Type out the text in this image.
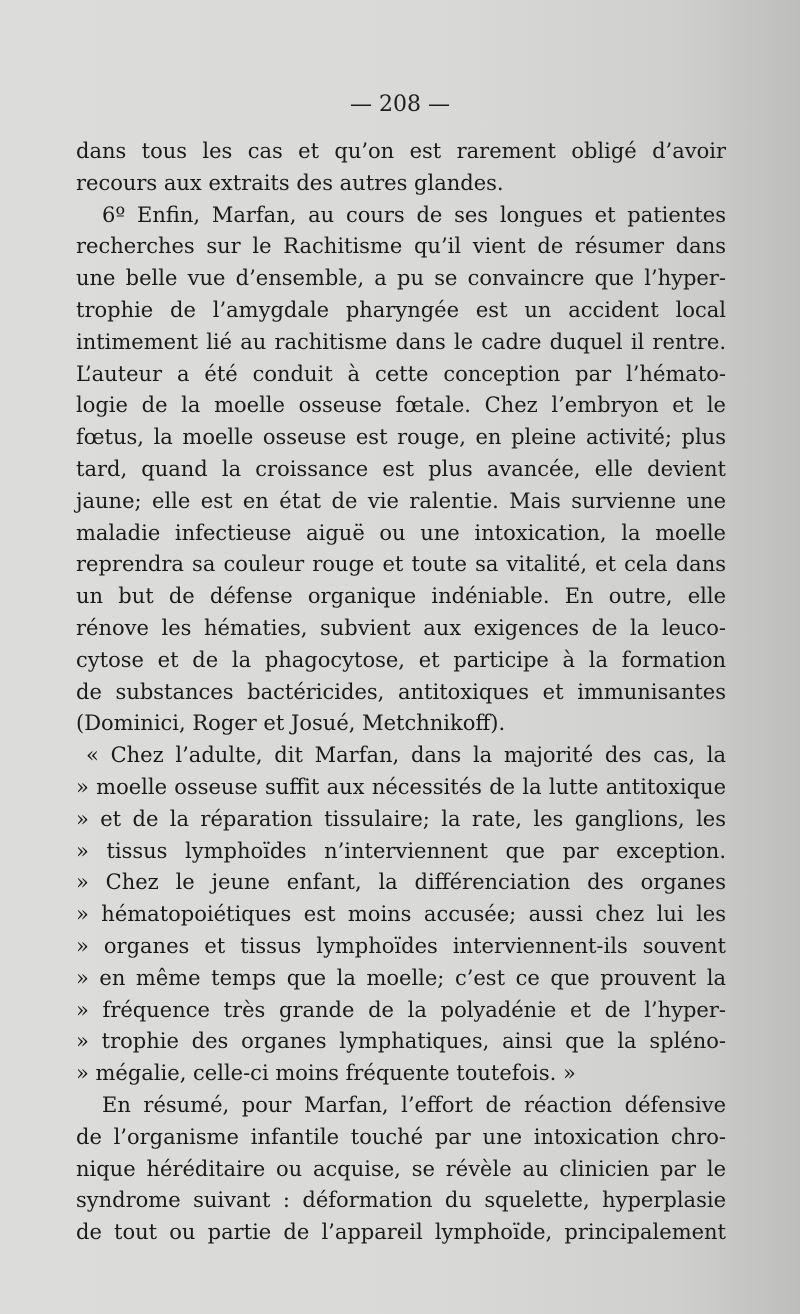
— 208 —
dans tous les cas et qu’on est rarement obligé d’avoir
recours aux extraits des autres glandes.
6º Enfin, Marfan, au cours de ses longues et patientes
recherches sur le Rachitisme qu’il vient de résumer dans
une belle vue d’ensemble, a pu se convaincre que l’hyper-
trophie de l’amygdale pharyngée est un accident local
intimement lié au rachitisme dans le cadre duquel il rentre.
L’auteur a été conduit à cette conception par l’hémato-
logie de la moelle osseuse fœtale. Chez l’embryon et le
fœtus, la moelle osseuse est rouge, en pleine activité; plus
tard, quand la croissance est plus avancée, elle devient
jaune; elle est en état de vie ralentie. Mais survienne une
maladie infectieuse aiguë ou une intoxication, la moelle
reprendra sa couleur rouge et toute sa vitalité, et cela dans
un but de défense organique indéniable. En outre, elle
rénove les hématies, subvient aux exigences de la leuco-
cytose et de la phagocytose, et participe à la formation
de substances bactéricides, antitoxiques et immunisantes
(Dominici, Roger et Josué, Metchnikoff).
« Chez l’adulte, dit Marfan, dans la majorité des cas, la
» moelle osseuse suffit aux nécessités de la lutte antitoxique
» et de la réparation tissulaire; la rate, les ganglions, les
» tissus lymphoïdes n’interviennent que par exception.
» Chez le jeune enfant, la différenciation des organes
» hématopoiétiques est moins accusée; aussi chez lui les
» organes et tissus lymphoïdes interviennent-ils souvent
» en même temps que la moelle; c’est ce que prouvent la
» fréquence très grande de la polyadénie et de l’hyper-
» trophie des organes lymphatiques, ainsi que la spléno-
» mégalie, celle-ci moins fréquente toutefois. »
En résumé, pour Marfan, l’effort de réaction défensive
de l’organisme infantile touché par une intoxication chro-
nique héréditaire ou acquise, se révèle au clinicien par le
syndrome suivant : déformation du squelette, hyperplasie
de tout ou partie de l’appareil lymphoïde, principalement
